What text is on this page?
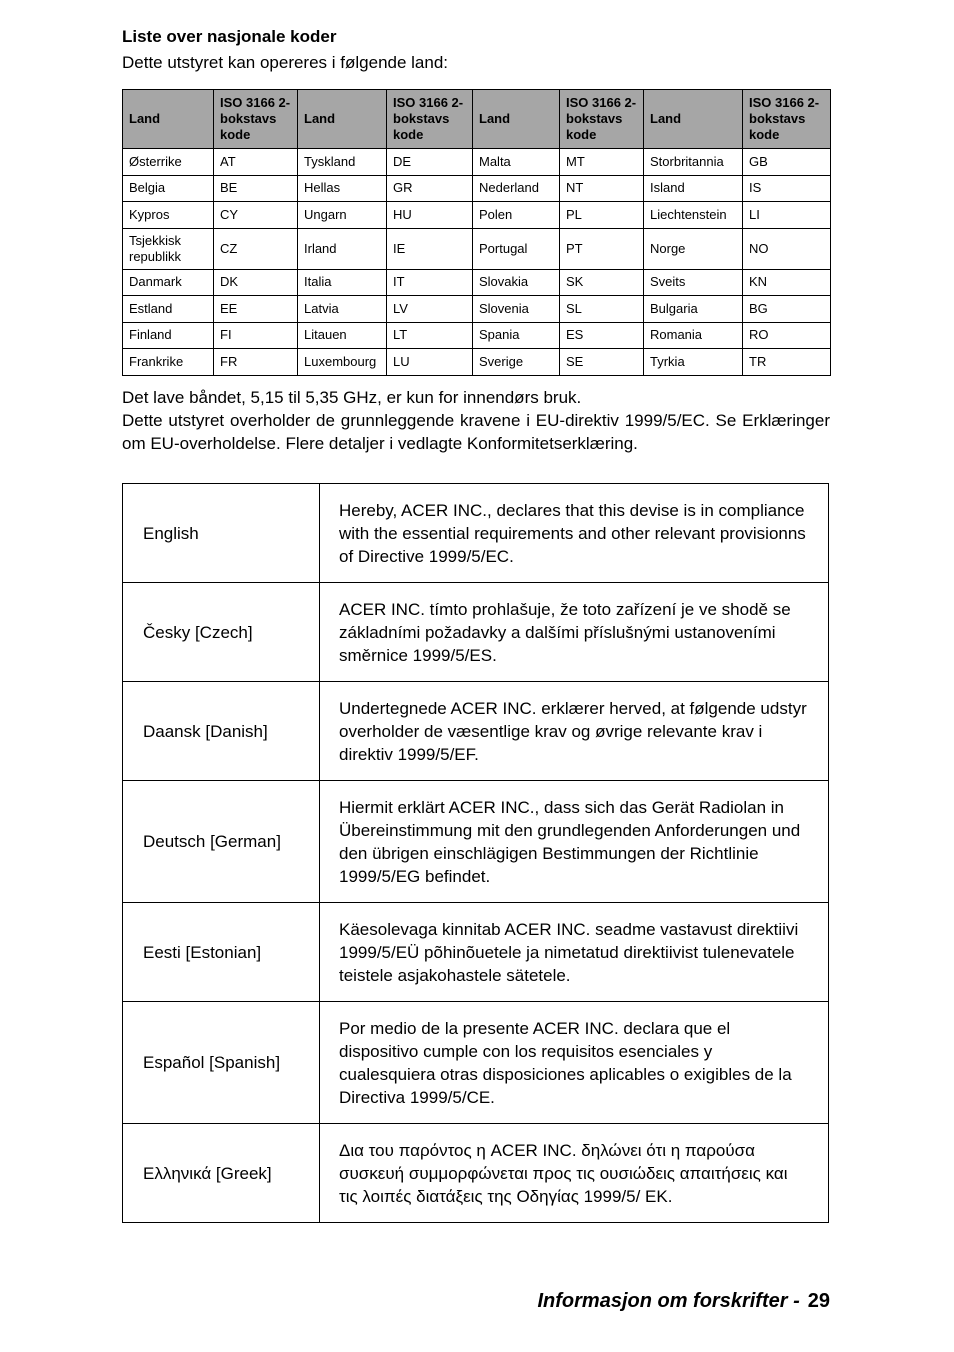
Liste over nasjonale koder
Dette utstyret kan opereres i følgende land:
Land	ISO 3166 2-bokstavs kode	Land	ISO 3166 2-bokstavs kode	Land	ISO 3166 2-bokstavs kode	Land	ISO 3166 2-bokstavs kode
Østerrike	AT	Tyskland	DE	Malta	MT	Storbritannia	GB
Belgia	BE	Hellas	GR	Nederland	NT	Island	IS
Kypros	CY	Ungarn	HU	Polen	PL	Liechtenstein	LI
Tsjekkisk republikk	CZ	Irland	IE	Portugal	PT	Norge	NO
Danmark	DK	Italia	IT	Slovakia	SK	Sveits	KN
Estland	EE	Latvia	LV	Slovenia	SL	Bulgaria	BG
Finland	FI	Litauen	LT	Spania	ES	Romania	RO
Frankrike	FR	Luxembourg	LU	Sverige	SE	Tyrkia	TR
Det lave båndet, 5,15 til 5,35 GHz, er kun for innendørs bruk.
Dette utstyret overholder de grunnleggende kravene i EU-direktiv 1999/5/EC. Se Erklæringer om EU-overholdelse. Flere detaljer i vedlagte Konformitetserklæring.
English	Hereby, ACER INC., declares that this devise is in compliance with the essential requirements and other relevant provisionns of Directive 1999/5/EC.
Česky [Czech]	ACER INC. tímto prohlašuje, že toto zařízení je ve shodě se základními požadavky a dalšími příslušnými ustanoveními směrnice 1999/5/ES.
Daansk [Danish]	Undertegnede ACER INC. erklærer herved, at følgende udstyr overholder de væsentlige krav og øvrige relevante krav i direktiv 1999/5/EF.
Deutsch [German]	Hiermit erklärt ACER INC., dass sich das Gerät Radiolan in Übereinstimmung mit den grundlegenden Anforderungen und den übrigen einschlägigen Bestimmungen der Richtlinie 1999/5/EG befindet.
Eesti [Estonian]	Käesolevaga kinnitab ACER INC. seadme vastavust direktiivi 1999/5/EÜ põhinõuetele ja nimetatud direktiivist tulenevatele teistele asjakohastele sätetele.
Español [Spanish]	Por medio de la presente ACER INC. declara que el dispositivo cumple con los requisitos esenciales y cualesquiera otras disposiciones aplicables o exigibles de la Directiva 1999/5/CE.
Ελληνικά [Greek]	Δια του παρόντος η ACER INC. δηλώνει ότι η παρούσα συσκευή συμμορφώνεται προς τις ουσιώδεις απαιτήσεις και τις λοιπές διατάξεις της Οδηγίας 1999/5/ ΕΚ.
Informasjon om forskrifter - 29
